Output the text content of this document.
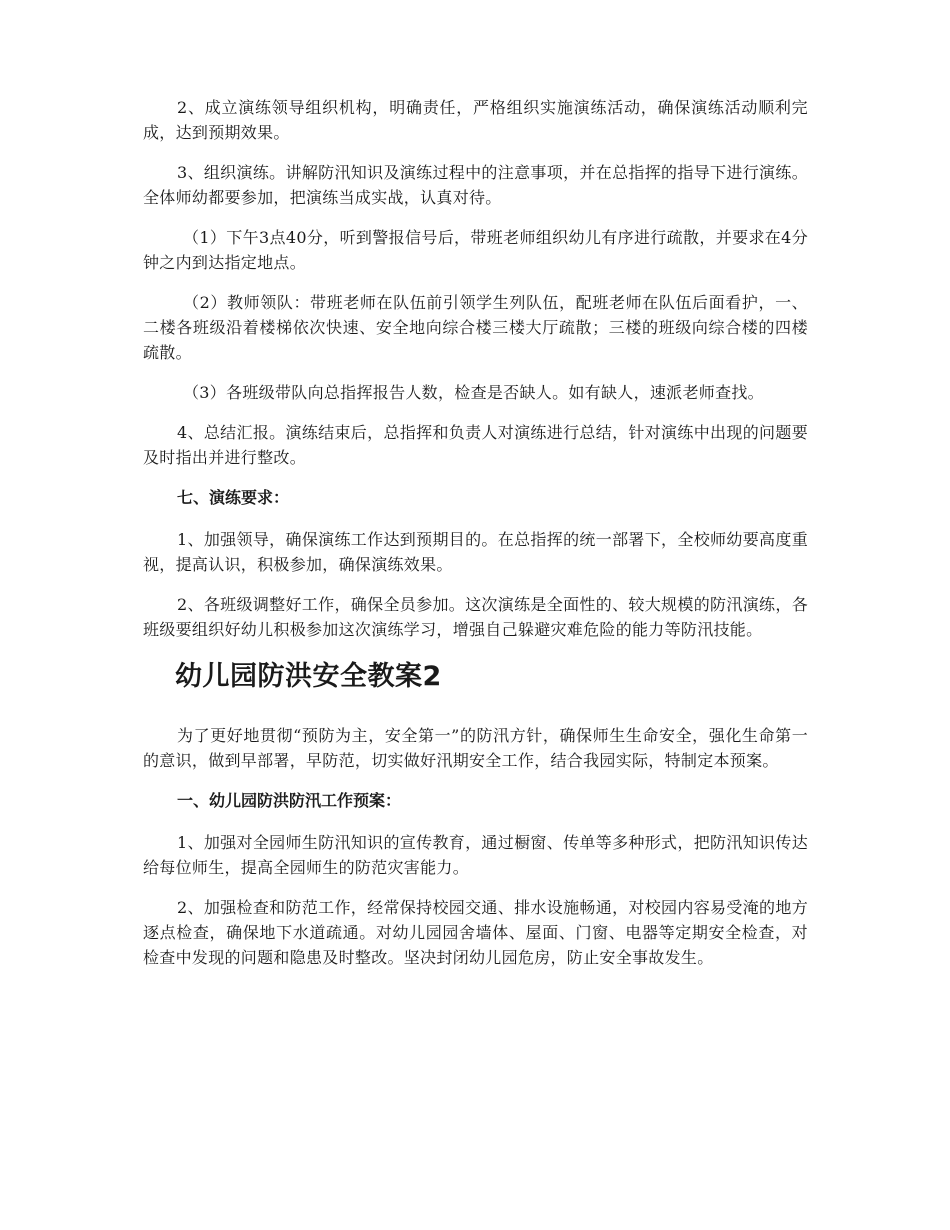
2、成立演练领导组织机构，明确责任，严格组织实施演练活动，确保演练活动顺利完成，达到预期效果。

3、组织演练。讲解防汛知识及演练过程中的注意事项，并在总指挥的指导下进行演练。全体师幼都要参加，把演练当成实战，认真对待。

（1）下午3点40分，听到警报信号后，带班老师组织幼儿有序进行疏散，并要求在4分钟之内到达指定地点。

（2）教师领队：带班老师在队伍前引领学生列队伍，配班老师在队伍后面看护，一、二楼各班级沿着楼梯依次快速、安全地向综合楼三楼大厅疏散；三楼的班级向综合楼的四楼疏散。

（3）各班级带队向总指挥报告人数，检查是否缺人。如有缺人，速派老师查找。

4、总结汇报。演练结束后，总指挥和负责人对演练进行总结，针对演练中出现的问题要及时指出并进行整改。

七、演练要求：

1、加强领导，确保演练工作达到预期目的。在总指挥的统一部署下，全校师幼要高度重视，提高认识，积极参加，确保演练效果。

2、各班级调整好工作，确保全员参加。这次演练是全面性的、较大规模的防汛演练，各班级要组织好幼儿积极参加这次演练学习，增强自己躲避灾难危险的能力等防汛技能。

幼儿园防洪安全教案2

为了更好地贯彻“预防为主，安全第一”的防汛方针，确保师生生命安全，强化生命第一的意识，做到早部署，早防范，切实做好汛期安全工作，结合我园实际，特制定本预案。

一、幼儿园防洪防汛工作预案：

1、加强对全园师生防汛知识的宣传教育，通过橱窗、传单等多种形式，把防汛知识传达给每位师生，提高全园师生的防范灾害能力。

2、加强检查和防范工作，经常保持校园交通、排水设施畅通，对校园内容易受淹的地方逐点检查，确保地下水道疏通。对幼儿园园舍墙体、屋面、门窗、电器等定期安全检查，对检查中发现的问题和隐患及时整改。坚决封闭幼儿园危房，防止安全事故发生。
